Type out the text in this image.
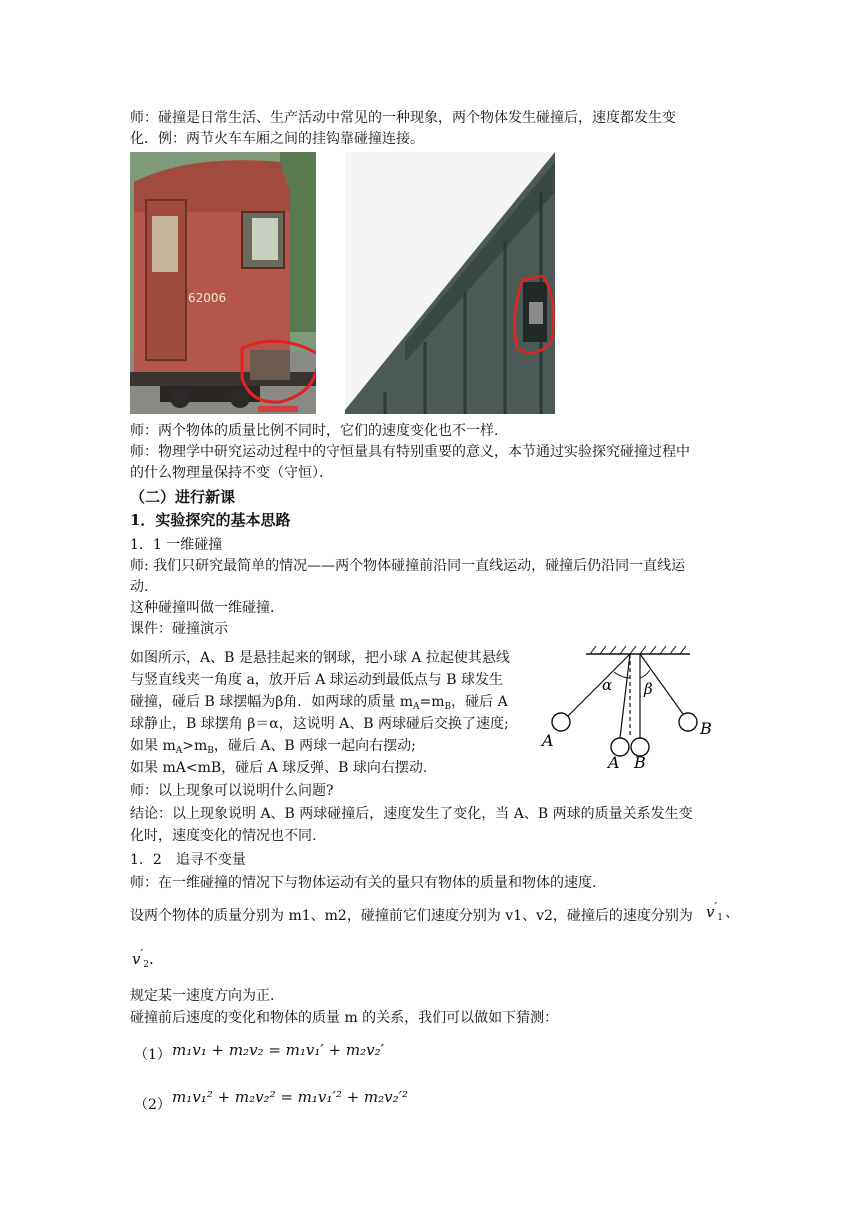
师：碰撞是日常生活、生产活动中常见的一种现象，两个物体发生碰撞后，速度都发生变

化．例：两节火车车厢之间的挂钩靠碰撞连接。

62006

师：两个物体的质量比例不同时，它们的速度变化也不一样．

师：物理学中研究运动过程中的守恒量具有特别重要的意义，本节通过实验探究碰撞过程中

的什么物理量保持不变（守恒）．

（二）进行新课

1．实验探究的基本思路

1．1 一维碰撞

师: 我们只研究最简单的情况——两个物体碰撞前沿同一直线运动，碰撞后仍沿同一直线运

动.

这种碰撞叫做一维碰撞.

课件：碰撞演示

如图所示，A、B 是悬挂起来的钢球，把小球 A 拉起使其悬线

与竖直线夹一角度 a，放开后 A 球运动到最低点与 B 球发生

碰撞，碰后 B 球摆幅为β角．如两球的质量 $m_A=m_B$，碰后 A

球静止，B 球摆角 β＝α，这说明 A、B 两球碰后交换了速度;

如果 $m_A>m_B$，碰后 A、B 两球一起向右摆动;

如果 mA<mB，碰后 A 球反弹、B 球向右摆动.

α β
A
A B
B

师：以上现象可以说明什么问题?

结论：以上现象说明 A、B 两球碰撞后，速度发生了变化，当 A、B 两球的质量关系发生变

化时，速度变化的情况也不同.

1．2　追寻不变量

师：在一维碰撞的情况下与物体运动有关的量只有物体的质量和物体的速度.

设两个物体的质量分别为 m1、m2，碰撞前它们速度分别为 v1、v2，碰撞后的速度分别为 $v'_1$ 、
$v'_2$.

规定某一速度方向为正.

碰撞前后速度的变化和物体的质量 m 的关系，我们可以做如下猜测：

（1） m₁v₁ + m₂v₂ = m₁v₁′ + m₂v₂′
（2） m₁v₁² + m₂v₂² = m₁v₁′² + m₂v₂′²
